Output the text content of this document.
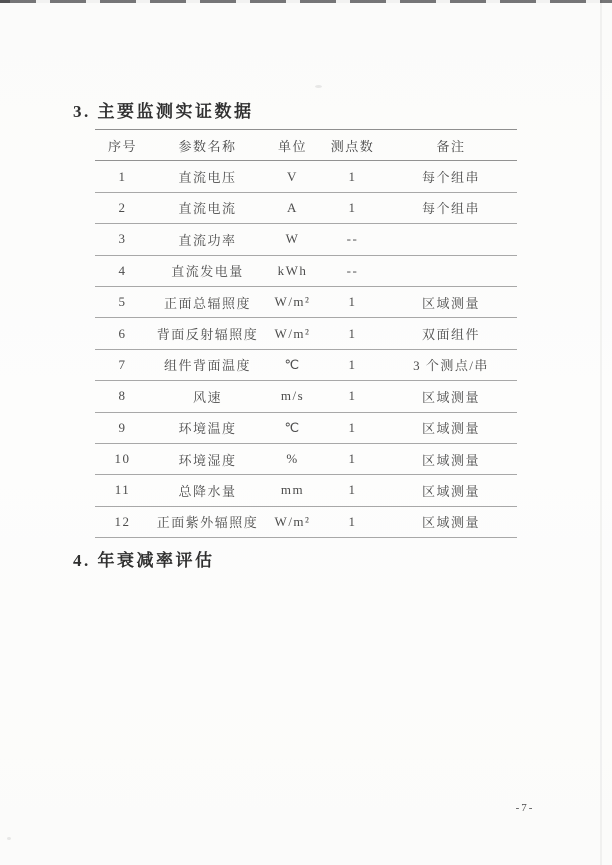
3. 主要监测实证数据
序号	参数名称	单位	测点数	备注
1	直流电压	V	1	每个组串
2	直流电流	A	1	每个组串
3	直流功率	W	--	
4	直流发电量	kWh	--	
5	正面总辐照度	W/m²	1	区域测量
6	背面反射辐照度	W/m²	1	双面组件
7	组件背面温度	℃	1	3 个测点/串
8	风速	m/s	1	区域测量
9	环境温度	℃	1	区域测量
10	环境湿度	%	1	区域测量
11	总降水量	mm	1	区域测量
12	正面紫外辐照度	W/m²	1	区域测量
4. 年衰减率评估
-7-
